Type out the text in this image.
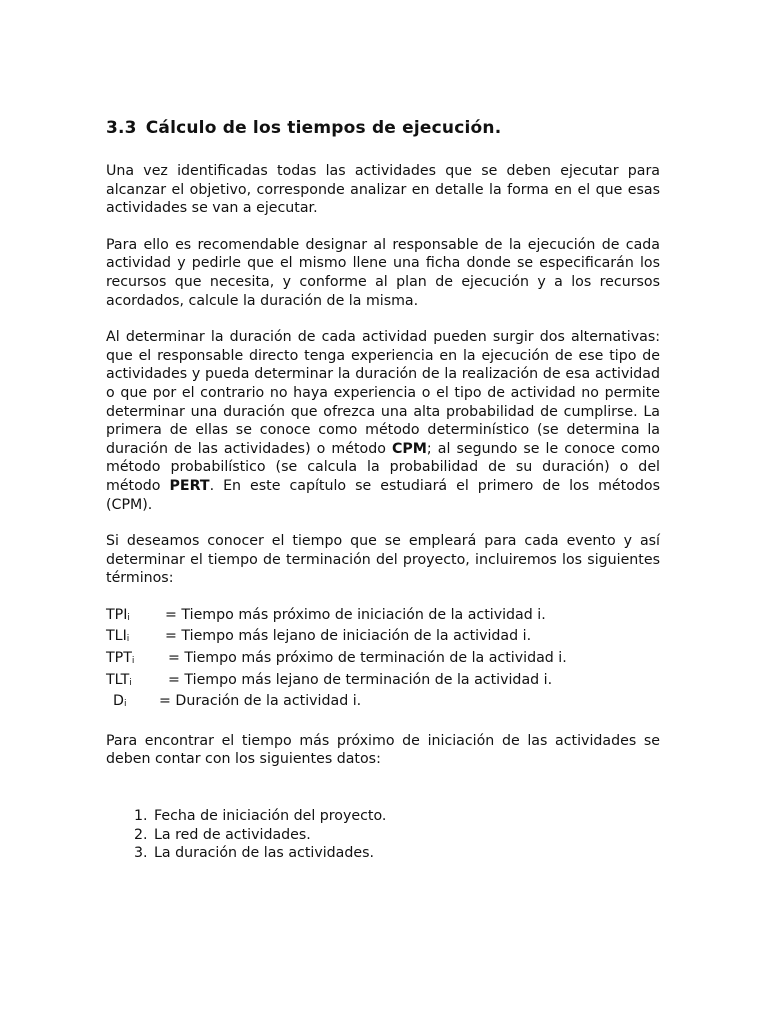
3.3 Cálculo de los tiempos de ejecución.

Una vez identificadas todas las actividades que se deben ejecutar para alcanzar el objetivo, corresponde analizar en detalle la forma en el que esas actividades se van a ejecutar.

Para ello es recomendable designar al responsable de la ejecución de cada actividad y pedirle que el mismo llene una ficha donde se especificarán los recursos que necesita, y conforme al plan de ejecución y a los recursos acordados, calcule la duración de la misma.

Al determinar la duración de cada actividad pueden surgir dos alternativas: que el responsable directo tenga experiencia en la ejecución de ese tipo de actividades y pueda determinar la duración de la realización de esa actividad o que por el contrario no haya experiencia o el tipo de actividad no permite determinar una duración que ofrezca una alta probabilidad de cumplirse. La primera de ellas se conoce como método determinístico (se determina la duración de las actividades) o método CPM; al segundo se le conoce como método probabilístico (se calcula la probabilidad de su duración) o del método PERT. En este capítulo se estudiará el primero de los métodos (CPM).

Si deseamos conocer el tiempo que se empleará para cada evento y así determinar el tiempo de terminación del proyecto, incluiremos los siguientes términos:

$TPI_i$	= Tiempo más próximo de iniciación de la actividad i.
$TLI_i$	= Tiempo más lejano de iniciación de la actividad i.
$TPT_i$	= Tiempo más próximo de terminación de la actividad i.
$TLT_i$	= Tiempo más lejano de terminación de la actividad i.
$D_i$	= Duración de la actividad i.

Para encontrar el tiempo más próximo de iniciación de las actividades se deben contar con los siguientes datos:

1. Fecha de iniciación del proyecto.
2. La red de actividades.
3. La duración de las actividades.
